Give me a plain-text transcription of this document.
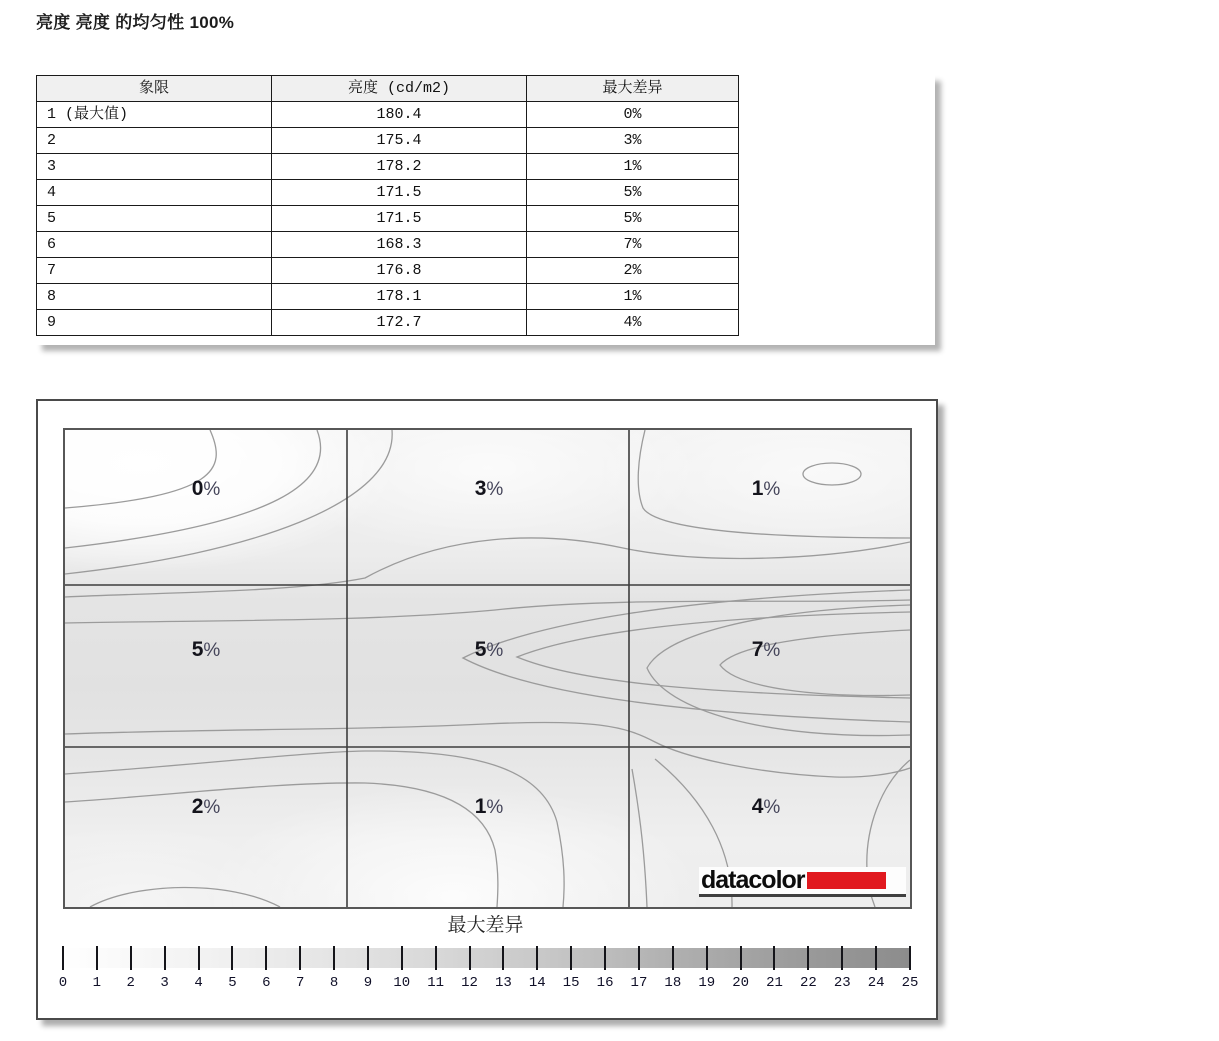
亮度 亮度 的均匀性 100%
象限	亮度 (cd/m2)	最大差异
1 (最大值)	180.4	0%
2	175.4	3%
3	178.2	1%
4	171.5	5%
5	171.5	5%
6	168.3	7%
7	176.8	2%
8	178.1	1%
9	172.7	4%
0%	3%	1%
5%	5%	7%
2%	1%	4%
datacolor
最大差异
0 1 2 3 4 5 6 7 8 9 10 11 12 13 14 15 16 17 18 19 20 21 22 23 24 25
